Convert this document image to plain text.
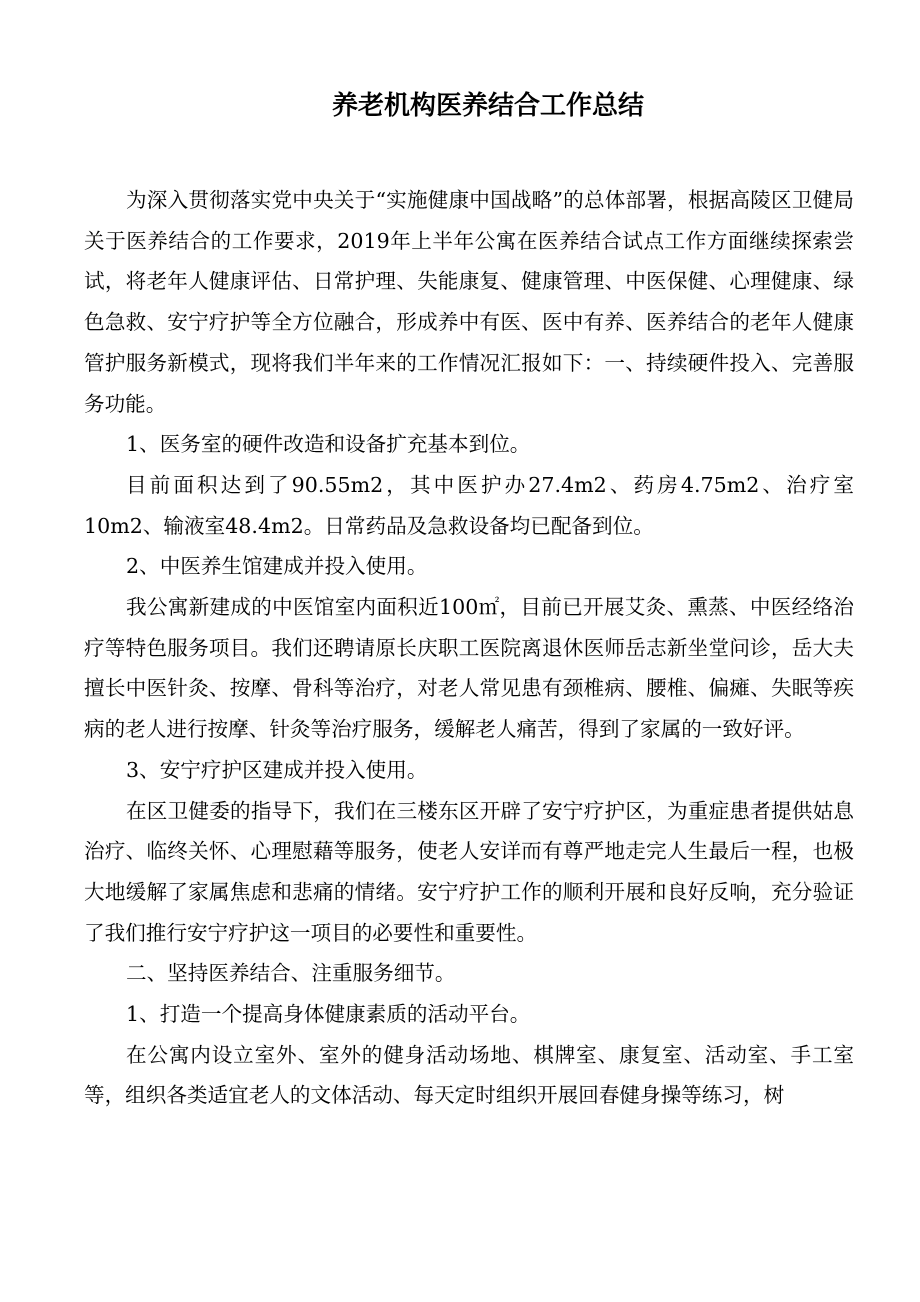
养老机构医养结合工作总结

为深入贯彻落实党中央关于“实施健康中国战略”的总体部署，根据高陵区卫健局关于医养结合的工作要求，2019年上半年公寓在医养结合试点工作方面继续探索尝试，将老年人健康评估、日常护理、失能康复、健康管理、中医保健、心理健康、绿色急救、安宁疗护等全方位融合，形成养中有医、医中有养、医养结合的老年人健康管护服务新模式，现将我们半年来的工作情况汇报如下：一、持续硬件投入、完善服务功能。

1、医务室的硬件改造和设备扩充基本到位。

目前面积达到了90.55m2，其中医护办27.4m2、药房4.75m2、治疗室10m2、输液室48.4m2。日常药品及急救设备均已配备到位。

2、中医养生馆建成并投入使用。

我公寓新建成的中医馆室内面积近100㎡，目前已开展艾灸、熏蒸、中医经络治疗等特色服务项目。我们还聘请原长庆职工医院离退休医师岳志新坐堂问诊，岳大夫擅长中医针灸、按摩、骨科等治疗，对老人常见患有颈椎病、腰椎、偏瘫、失眠等疾病的老人进行按摩、针灸等治疗服务，缓解老人痛苦，得到了家属的一致好评。

3、安宁疗护区建成并投入使用。

在区卫健委的指导下，我们在三楼东区开辟了安宁疗护区，为重症患者提供姑息治疗、临终关怀、心理慰藉等服务，使老人安详而有尊严地走完人生最后一程，也极大地缓解了家属焦虑和悲痛的情绪。安宁疗护工作的顺利开展和良好反响，充分验证了我们推行安宁疗护这一项目的必要性和重要性。

二、坚持医养结合、注重服务细节。

1、打造一个提高身体健康素质的活动平台。

在公寓内设立室外、室外的健身活动场地、棋牌室、康复室、活动室、手工室等，组织各类适宜老人的文体活动、每天定时组织开展回春健身操等练习，树
